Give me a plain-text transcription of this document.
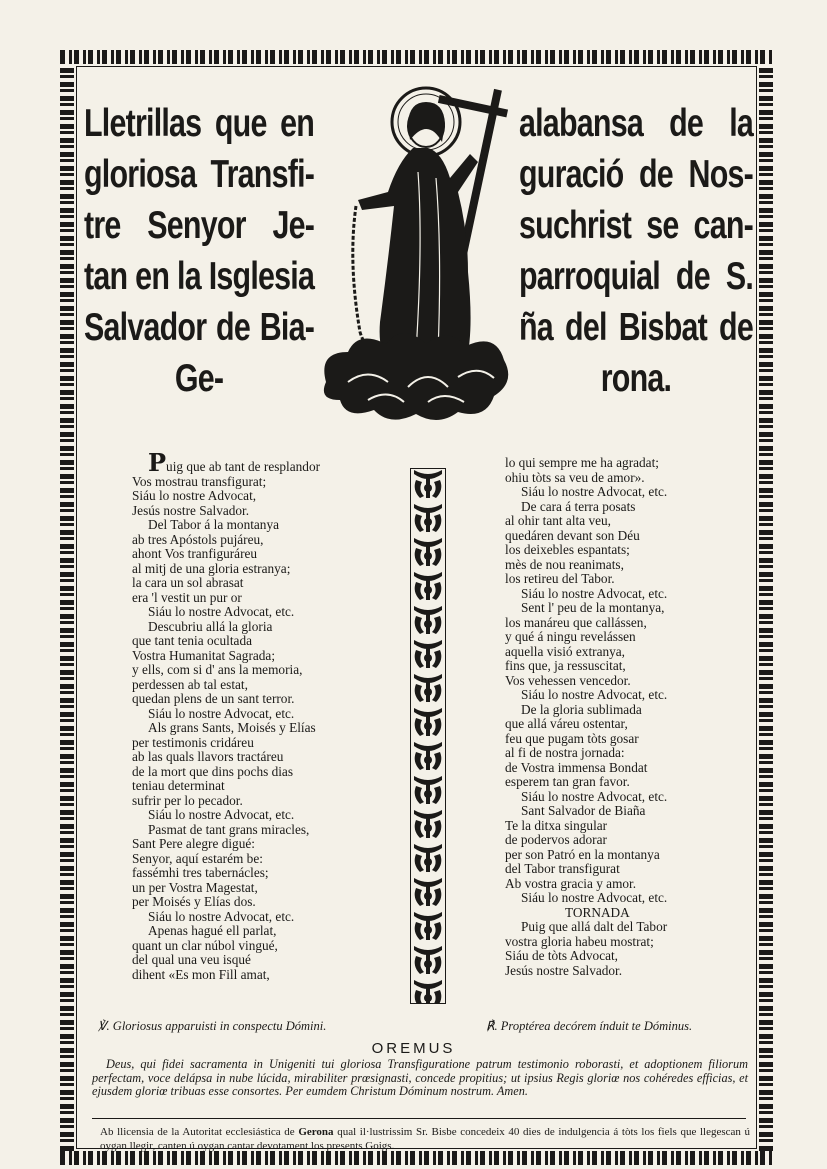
Lletrillas que en
gloriosa Transfi-
tre Senyor Je-
tan en la Isglesia
Salvador de Bia-
Ge-
alabansa de la
guració de Nos-
suchrist se can-
parroquial de S.
ña del Bisbat de
rona.
Puig que ab tant de resplandor
Vos mostrau transfigurat;
Siáu lo nostre Advocat,
Jesús nostre Salvador.
Del Tabor á la montanya
ab tres Apóstols pujáreu,
ahont Vos tranfiguráreu
al mitj de una gloria estranya;
la cara un sol abrasat
era 'l vestit un pur or
Siáu lo nostre Advocat, etc.
Descubriu allá la gloria
que tant tenia ocultada
Vostra Humanitat Sagrada;
y ells, com si d' ans la memoria,
perdessen ab tal estat,
quedan plens de un sant terror.
Siáu lo nostre Advocat, etc.
Als grans Sants, Moisés y Elías
per testimonis cridáreu
ab las quals llavors tractáreu
de la mort que dins pochs dias
teniau determinat
sufrir per lo pecador.
Siáu lo nostre Advocat, etc.
Pasmat de tant grans miracles,
Sant Pere alegre digué:
Senyor, aquí estarém be:
fassémhi tres tabernácles;
un per Vostra Magestat,
per Moisés y Elías dos.
Siáu lo nostre Advocat, etc.
Apenas hagué ell parlat,
quant un clar núbol vingué,
del qual una veu isqué
dihent «Es mon Fill amat,
lo qui sempre me ha agradat;
ohiu tòts sa veu de amor».
Siáu lo nostre Advocat, etc.
De cara á terra posats
al ohir tant alta veu,
quedáren devant son Déu
los deixebles espantats;
mès de nou reanimats,
los retireu del Tabor.
Siáu lo nostre Advocat, etc.
Sent l' peu de la montanya,
los manáreu que callássen,
y qué á ningu revelássen
aquella visió extranya,
fins que, ja ressuscitat,
Vos vehessen vencedor.
Siáu lo nostre Advocat, etc.
De la gloria sublimada
que allá váreu ostentar,
feu que pugam tòts gosar
al fi de nostra jornada:
de Vostra immensa Bondat
esperem tan gran favor.
Siáu lo nostre Advocat, etc.
Sant Salvador de Biaña
Te la ditxa singular
de podervos adorar
per son Patró en la montanya
del Tabor transfigurat
Ab vostra gracia y amor.
Siáu lo nostre Advocat, etc.
TORNADA
Puig que allá dalt del Tabor
vostra gloria habeu mostrat;
Siáu de tòts Advocat,
Jesús nostre Salvador.
℣. Gloriosus apparuisti in conspectu Dómini.	℟. Proptérea decórem índuit te Dóminus.
OREMUS
Deus, qui fidei sacramenta in Unigeniti tui gloriosa Transfiguratione patrum testimonio roborasti, et adoptionem filiorum perfectam, voce delápsa in nube lúcida, mirabiliter prœsignasti, concede propitius; ut ipsius Regis gloriœ nos cohéredes efficias, et ejusdem gloriœ tribuas esse consortes. Per eumdem Christum Dóminum nostrum. Amen.
Ab llicensia de la Autoritat ecclesiástica de Gerona qual il·lustrissim Sr. Bisbe concedeix 40 dies de indulgencia á tòts los fiels que llegescan ú oygan llegir, canten ú oygan cantar devotament los presents Goigs.
